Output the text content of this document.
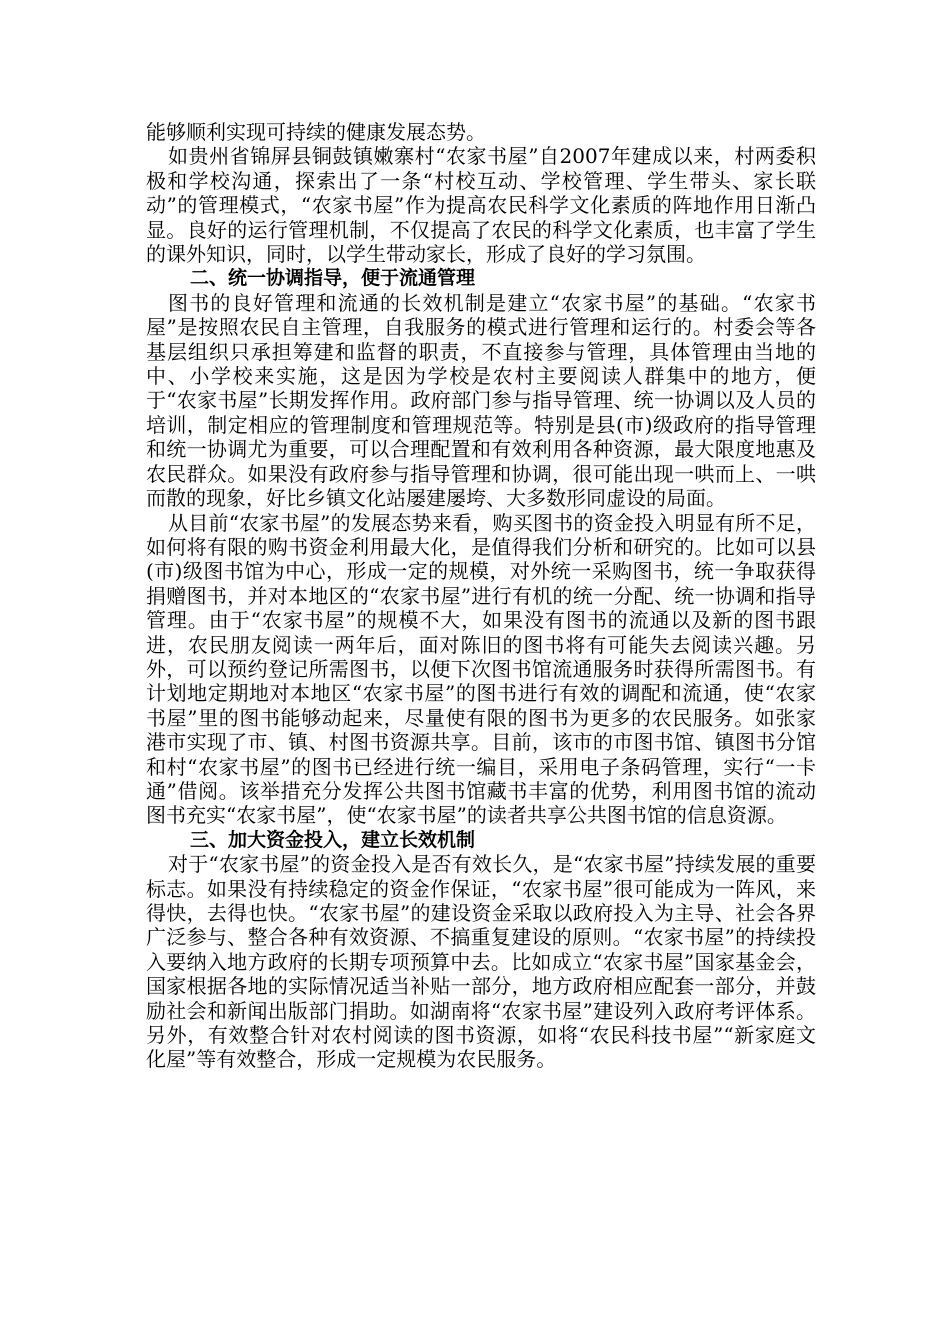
能够顺利实现可持续的健康发展态势。

如贵州省锦屏县铜鼓镇嫩寨村“农家书屋”自2007年建成以来，村两委积极和学校沟通，探索出了一条“村校互动、学校管理、学生带头、家长联动”的管理模式，“农家书屋”作为提高农民科学文化素质的阵地作用日渐凸显。良好的运行管理机制，不仅提高了农民的科学文化素质，也丰富了学生的课外知识，同时，以学生带动家长，形成了良好的学习氛围。

二、统一协调指导，便于流通管理

图书的良好管理和流通的长效机制是建立“农家书屋”的基础。“农家书屋”是按照农民自主管理，自我服务的模式进行管理和运行的。村委会等各基层组织只承担筹建和监督的职责，不直接参与管理，具体管理由当地的中、小学校来实施，这是因为学校是农村主要阅读人群集中的地方，便于“农家书屋”长期发挥作用。政府部门参与指导管理、统一协调以及人员的培训，制定相应的管理制度和管理规范等。特别是县(市)级政府的指导管理和统一协调尤为重要，可以合理配置和有效利用各种资源，最大限度地惠及农民群众。如果没有政府参与指导管理和协调，很可能出现一哄而上、一哄而散的现象，好比乡镇文化站屡建屡垮、大多数形同虚设的局面。

从目前“农家书屋”的发展态势来看，购买图书的资金投入明显有所不足，如何将有限的购书资金利用最大化，是值得我们分析和研究的。比如可以县(市)级图书馆为中心，形成一定的规模，对外统一采购图书，统一争取获得捐赠图书，并对本地区的“农家书屋”进行有机的统一分配、统一协调和指导管理。由于“农家书屋”的规模不大，如果没有图书的流通以及新的图书跟进，农民朋友阅读一两年后，面对陈旧的图书将有可能失去阅读兴趣。另外，可以预约登记所需图书，以便下次图书馆流通服务时获得所需图书。有计划地定期地对本地区“农家书屋”的图书进行有效的调配和流通，使“农家书屋”里的图书能够动起来，尽量使有限的图书为更多的农民服务。如张家港市实现了市、镇、村图书资源共享。目前，该市的市图书馆、镇图书分馆和村“农家书屋”的图书已经进行统一编目，采用电子条码管理，实行“一卡通”借阅。该举措充分发挥公共图书馆藏书丰富的优势，利用图书馆的流动图书充实“农家书屋”，使“农家书屋”的读者共享公共图书馆的信息资源。

三、加大资金投入，建立长效机制

对于“农家书屋”的资金投入是否有效长久，是“农家书屋”持续发展的重要标志。如果没有持续稳定的资金作保证，“农家书屋”很可能成为一阵风，来得快，去得也快。“农家书屋”的建设资金采取以政府投入为主导、社会各界广泛参与、整合各种有效资源、不搞重复建设的原则。“农家书屋”的持续投入要纳入地方政府的长期专项预算中去。比如成立“农家书屋”国家基金会，国家根据各地的实际情况适当补贴一部分，地方政府相应配套一部分，并鼓励社会和新闻出版部门捐助。如湖南将“农家书屋”建设列入政府考评体系。另外，有效整合针对农村阅读的图书资源，如将“农民科技书屋”“新家庭文化屋”等有效整合，形成一定规模为农民服务。
